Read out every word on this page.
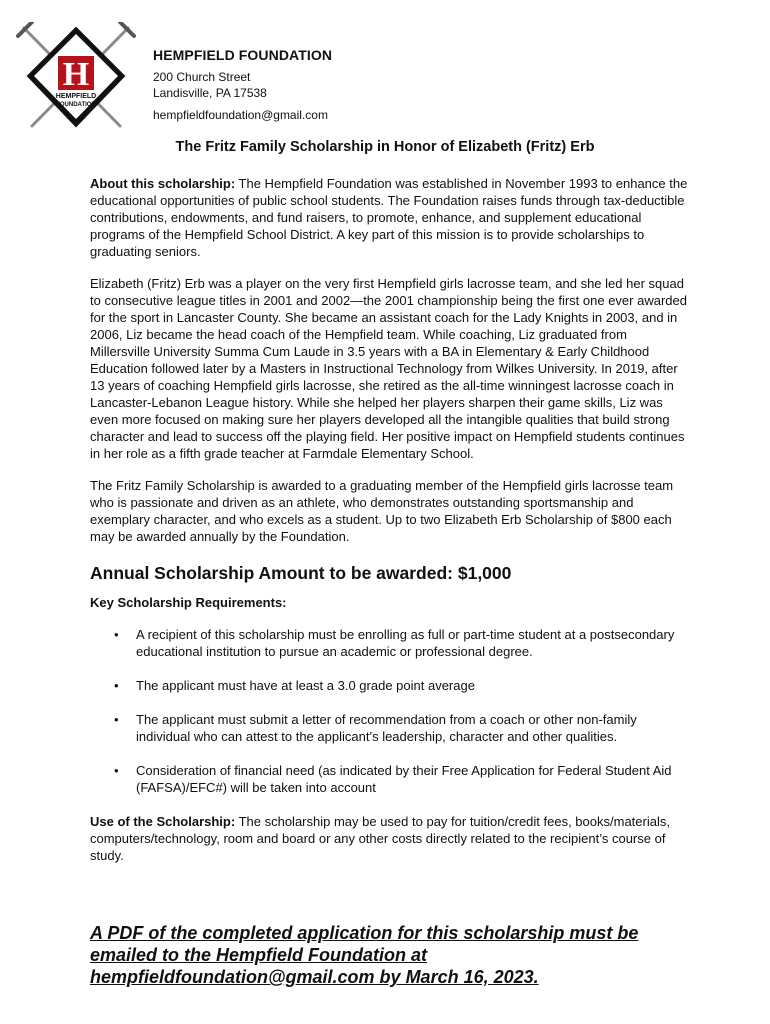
H
HEMPFIELD
FOUNDATION
HEMPFIELD FOUNDATION
200 Church Street
Landisville, PA 17538
hempfieldfoundation@gmail.com
The Fritz Family Scholarship in Honor of Elizabeth (Fritz) Erb

About this scholarship: The Hempfield Foundation was established in November 1993 to enhance the educational opportunities of public school students. The Foundation raises funds through tax-deductible contributions, endowments, and fund raisers, to promote, enhance, and supplement educational programs of the Hempfield School District. A key part of this mission is to provide scholarships to graduating seniors.

Elizabeth (Fritz) Erb was a player on the very first Hempfield girls lacrosse team, and she led her squad to consecutive league titles in 2001 and 2002—the 2001 championship being the first one ever awarded for the sport in Lancaster County. She became an assistant coach for the Lady Knights in 2003, and in 2006, Liz became the head coach of the Hempfield team. While coaching, Liz graduated from Millersville University Summa Cum Laude in 3.5 years with a BA in Elementary & Early Childhood Education followed later by a Masters in Instructional Technology from Wilkes University. In 2019, after 13 years of coaching Hempfield girls lacrosse, she retired as the all-time winningest lacrosse coach in Lancaster-Lebanon League history. While she helped her players sharpen their game skills, Liz was even more focused on making sure her players developed all the intangible qualities that build strong character and lead to success off the playing field. Her positive impact on Hempfield students continues in her role as a fifth grade teacher at Farmdale Elementary School.

The Fritz Family Scholarship is awarded to a graduating member of the Hempfield girls lacrosse team who is passionate and driven as an athlete, who demonstrates outstanding sportsmanship and exemplary character, and who excels as a student. Up to two Elizabeth Erb Scholarship of $800 each may be awarded annually by the Foundation.

Annual Scholarship Amount to be awarded: $1,000
Key Scholarship Requirements:
• A recipient of this scholarship must be enrolling as full or part-time student at a postsecondary educational institution to pursue an academic or professional degree.
• The applicant must have at least a 3.0 grade point average
• The applicant must submit a letter of recommendation from a coach or other non-family individual who can attest to the applicant’s leadership, character and other qualities.
• Consideration of financial need (as indicated by their Free Application for Federal Student Aid (FAFSA)/EFC#) will be taken into account

Use of the Scholarship: The scholarship may be used to pay for tuition/credit fees, books/materials, computers/technology, room and board or any other costs directly related to the recipient’s course of study.

A PDF of the completed application for this scholarship must be emailed to the Hempfield Foundation at hempfieldfoundation@gmail.com by March 16, 2023.
